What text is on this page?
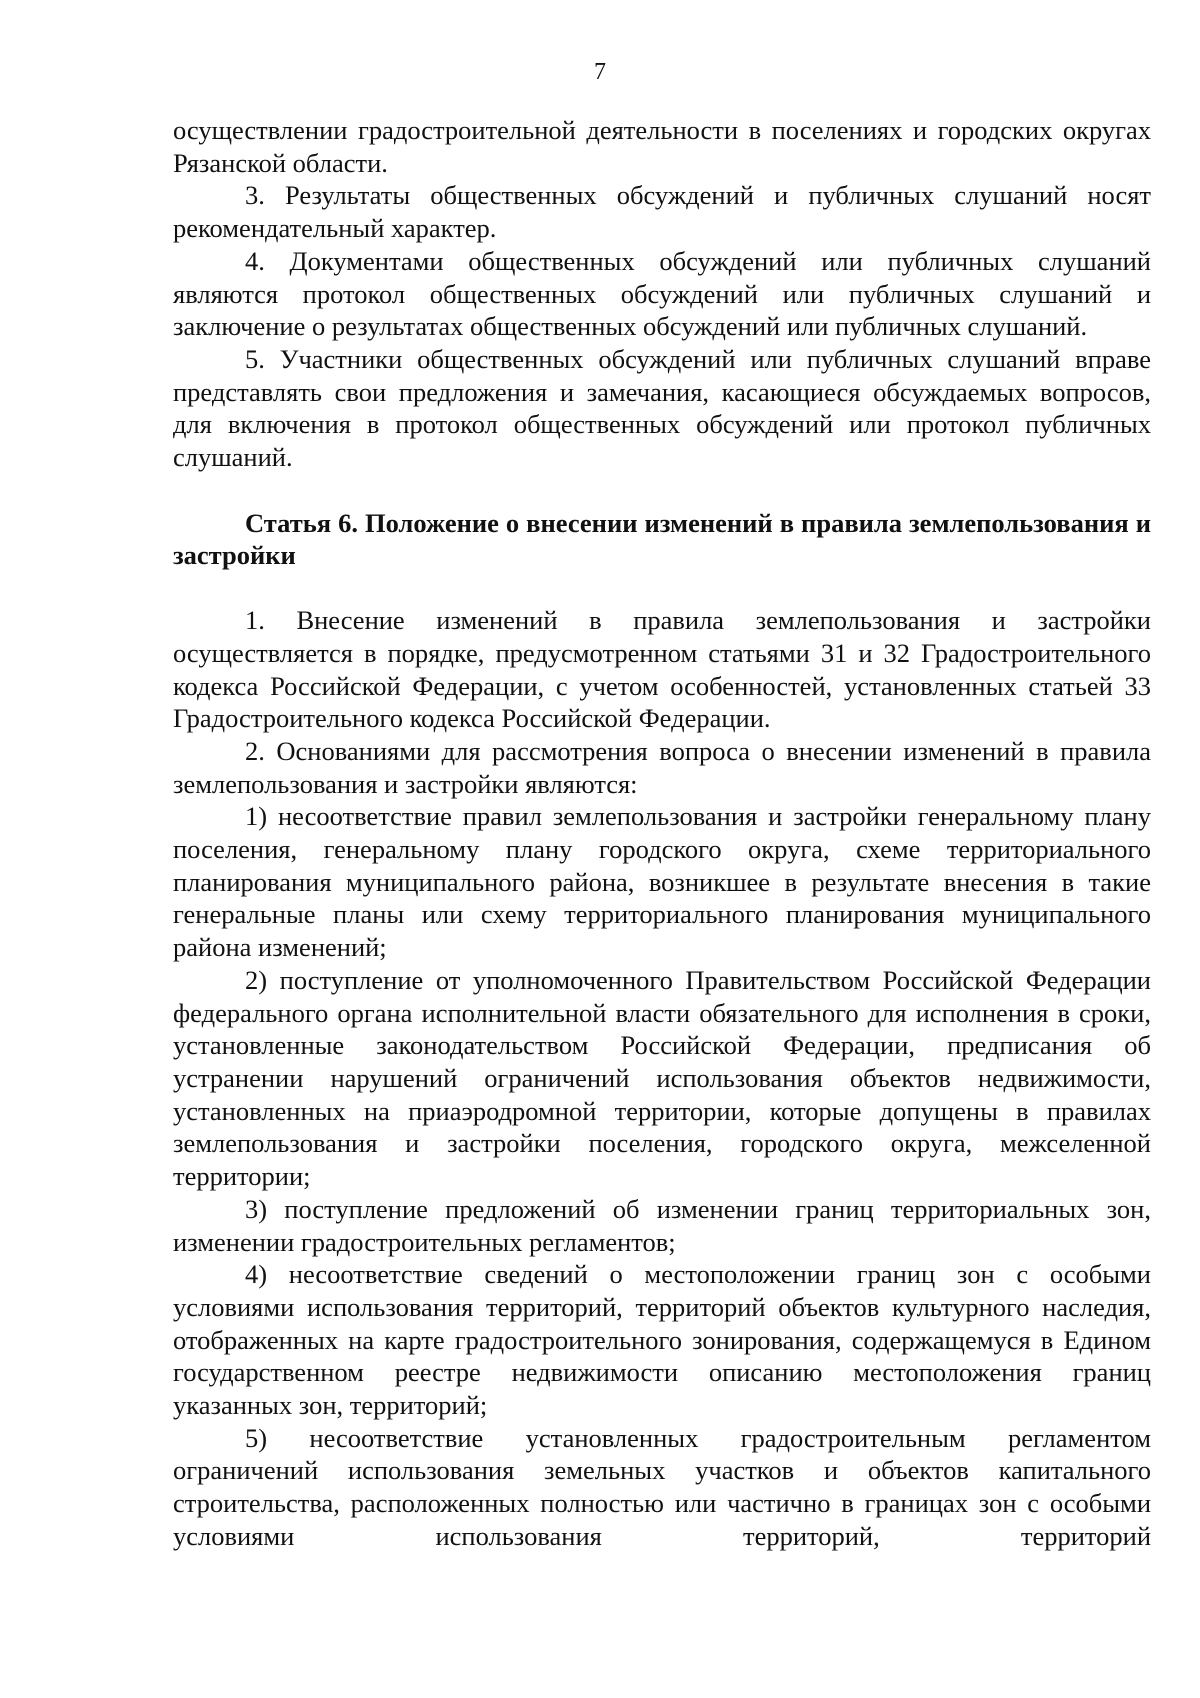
7

осуществлении градостроительной деятельности в поселениях и городских округах Рязанской области.

3. Результаты общественных обсуждений и публичных слушаний носят рекомендательный характер.

4. Документами общественных обсуждений или публичных слушаний являются протокол общественных обсуждений или публичных слушаний и заключение о результатах общественных обсуждений или публичных слушаний.

5. Участники общественных обсуждений или публичных слушаний вправе представлять свои предложения и замечания, касающиеся обсуждаемых вопросов, для включения в протокол общественных обсуждений или протокол публичных слушаний.

Статья 6. Положение о внесении изменений в правила землепользования и застройки

1. Внесение изменений в правила землепользования и застройки осуществляется в порядке, предусмотренном статьями 31 и 32 Градостроительного кодекса Российской Федерации, с учетом особенностей, установленных статьей 33 Градостроительного кодекса Российской Федерации.

2. Основаниями для рассмотрения вопроса о внесении изменений в правила землепользования и застройки являются:

1) несоответствие правил землепользования и застройки генеральному плану поселения, генеральному плану городского округа, схеме территориального планирования муниципального района, возникшее в результате внесения в такие генеральные планы или схему территориального планирования муниципального района изменений;

2) поступление от уполномоченного Правительством Российской Федерации федерального органа исполнительной власти обязательного для исполнения в сроки, установленные законодательством Российской Федерации, предписания об устранении нарушений ограничений использования объектов недвижимости, установленных на приаэродромной территории, которые допущены в правилах землепользования и застройки поселения, городского округа, межселенной территории;

3) поступление предложений об изменении границ территориальных зон, изменении градостроительных регламентов;

4) несоответствие сведений о местоположении границ зон с особыми условиями использования территорий, территорий объектов культурного наследия, отображенных на карте градостроительного зонирования, содержащемуся в Едином государственном реестре недвижимости описанию местоположения границ указанных зон, территорий;

5) несоответствие установленных градостроительным регламентом ограничений использования земельных участков и объектов капитального строительства, расположенных полностью или частично в границах зон с особыми условиями использования территорий, территорий
